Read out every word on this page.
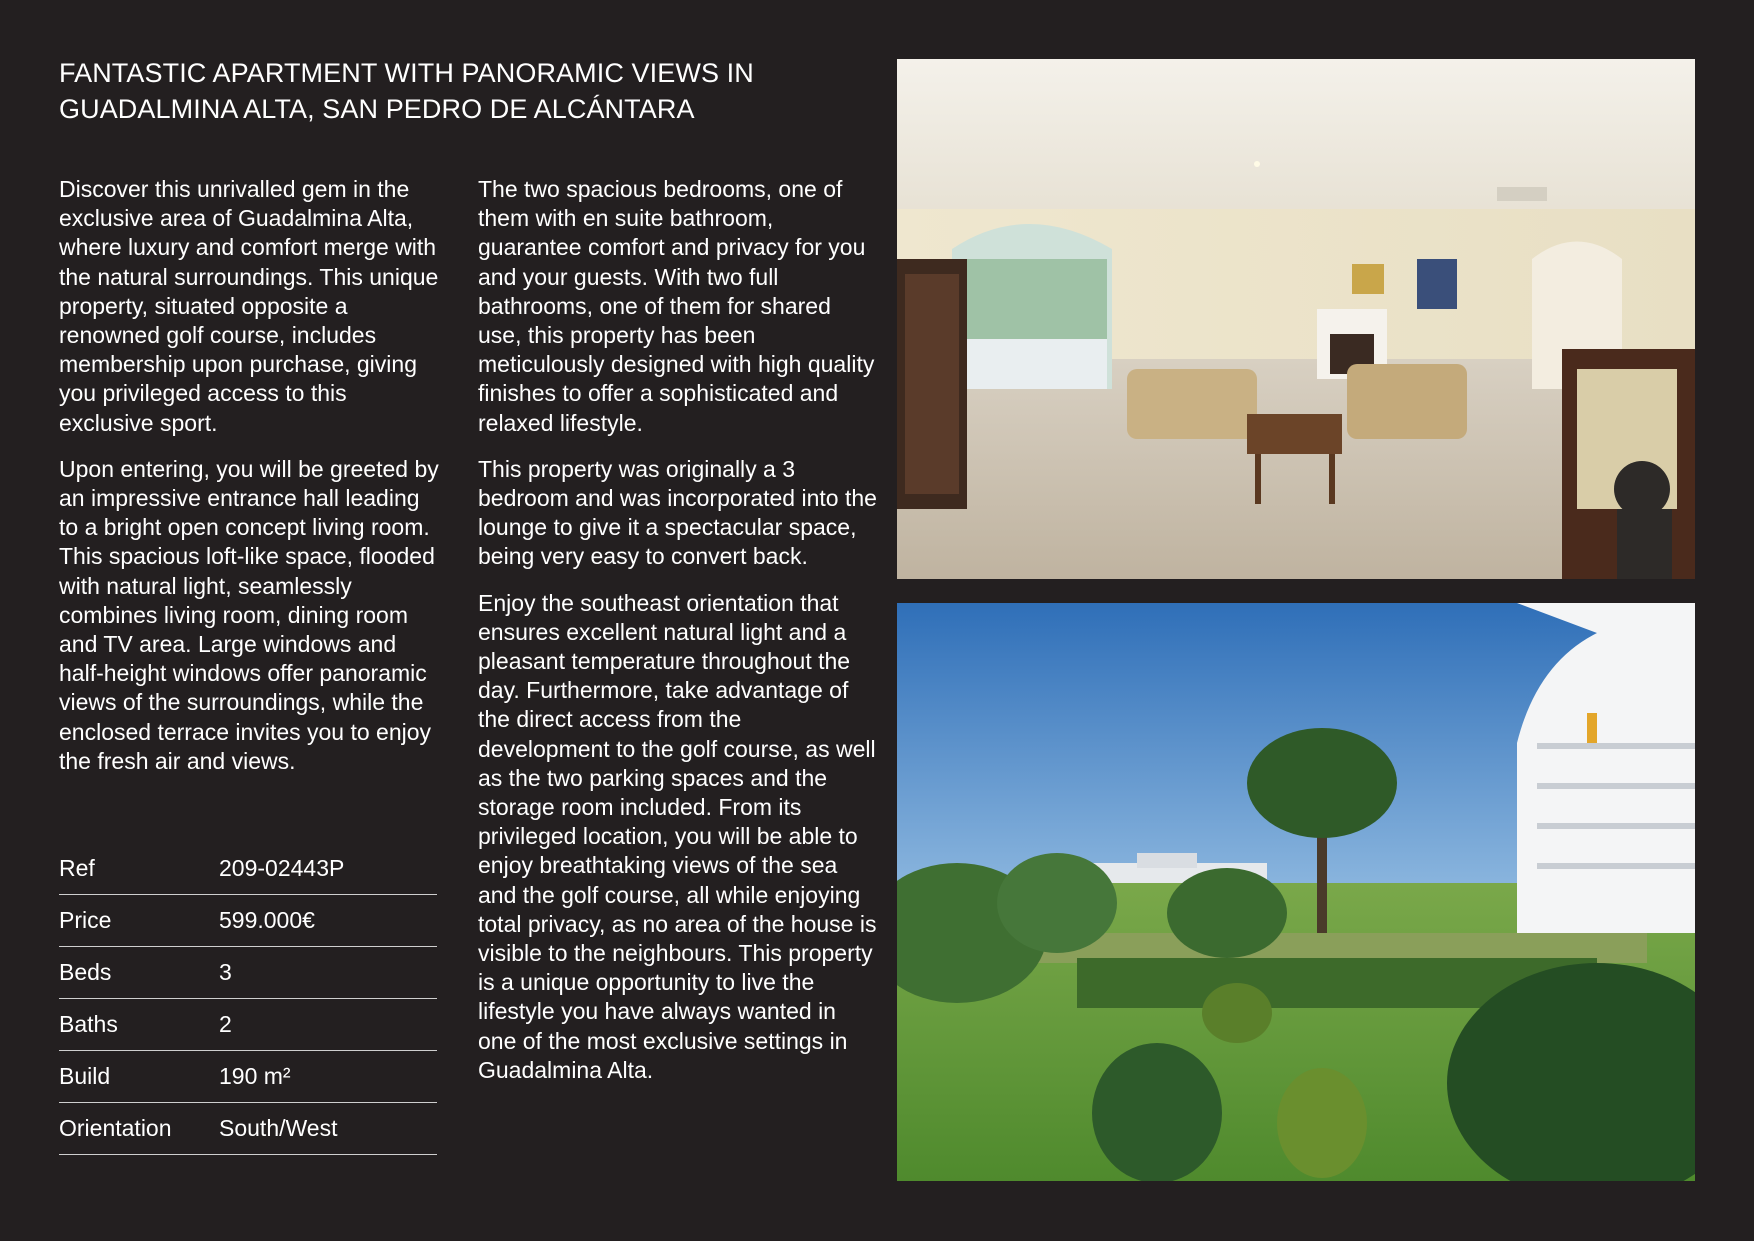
FANTASTIC APARTMENT WITH PANORAMIC VIEWS IN
GUADALMINA ALTA, SAN PEDRO DE ALCÁNTARA

Discover this unrivalled gem in the exclusive area of Guadalmina Alta, where luxury and comfort merge with the natural surroundings. This unique property, situated opposite a renowned golf course, includes membership upon purchase, giving you privileged access to this exclusive sport.

Upon entering, you will be greeted by an impressive entrance hall leading to a bright open concept living room. This spacious loft-like space, flooded with natural light, seamlessly combines living room, dining room and TV area. Large windows and half-height windows offer panoramic views of the surroundings, while the enclosed terrace invites you to enjoy the fresh air and views.

The two spacious bedrooms, one of them with en suite bathroom, guarantee comfort and privacy for you and your guests. With two full bathrooms, one of them for shared use, this property has been meticulously designed with high quality finishes to offer a sophisticated and relaxed lifestyle.

This property was originally a 3 bedroom and was incorporated into the lounge to give it a spectacular space, being very easy to convert back.

Enjoy the southeast orientation that ensures excellent natural light and a pleasant temperature throughout the day. Furthermore, take advantage of the direct access from the development to the golf course, as well as the two parking spaces and the storage room included. From its privileged location, you will be able to enjoy breathtaking views of the sea and the golf course, all while enjoying total privacy, as no area of the house is visible to the neighbours. This property is a unique opportunity to live the lifestyle you have always wanted in one of the most exclusive settings in Guadalmina Alta.

Ref	209-02443P
Price	599.000€
Beds	3
Baths	2
Build	190 m²
Orientation	South/West
